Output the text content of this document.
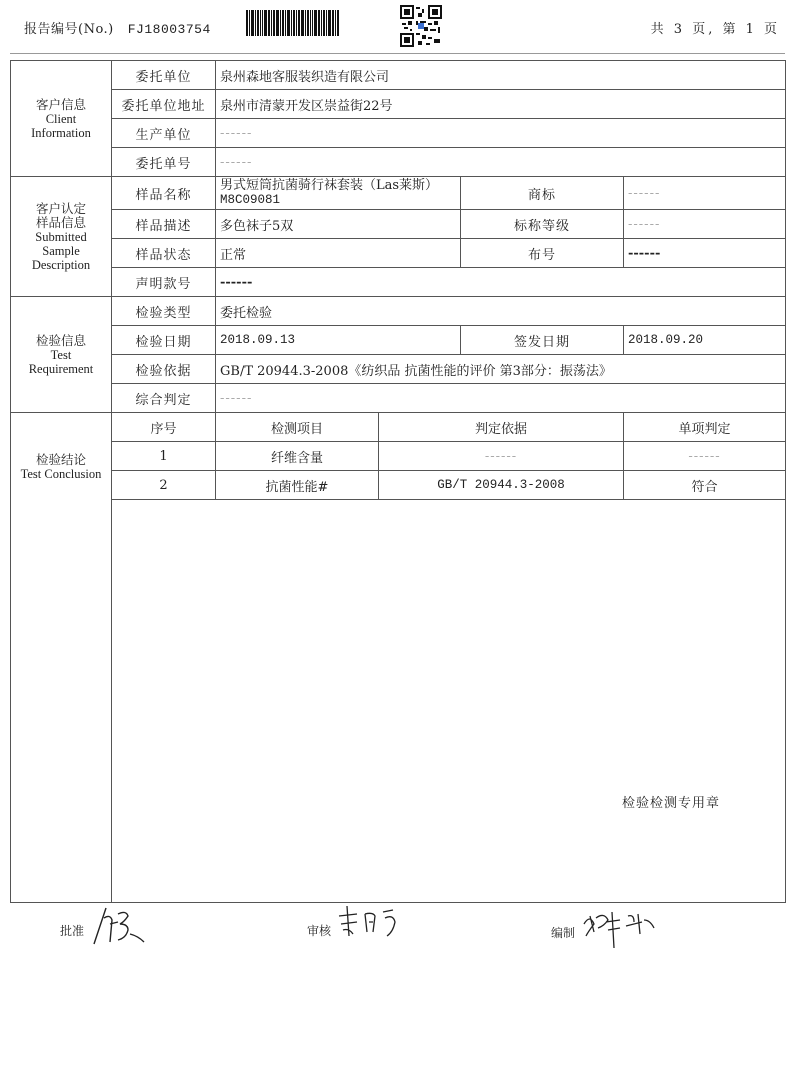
报告编号(No.) FJ18003754	共 3 页, 第 1 页
客户信息
Client
Information	委托单位	泉州森地客服装织造有限公司			
	委托单位地址	泉州市清蒙开发区崇益街22号			
	生产单位	------			
	委托单号	------			

客户认定
样品信息
Submitted
Sample
Description
	样品名称	
男式短筒抗菌骑行袜套装（Las莱斯）
M8C09081	商标	------
	样品描述	多色袜子5双		标称等级	------
	样品状态	正常		布号	------
	声明款号	------			

检验信息
Test
Requirement	检验类型	委托检验			
	检验日期	2018.09.13		签发日期	2018.09.20
	检验依据	GB/T 20944.3-2008《纺织品 抗菌性能的评价 第3部分：振荡法》			
	综合判定	------			

检验结论
Test Conclusion	序号	检测项目	判定依据		单项判定
	1	纤维含量	------		------
	2	抗菌性能#	GB/T 20944.3-2008		符合

检验检测专用章
批准	审核	编制
